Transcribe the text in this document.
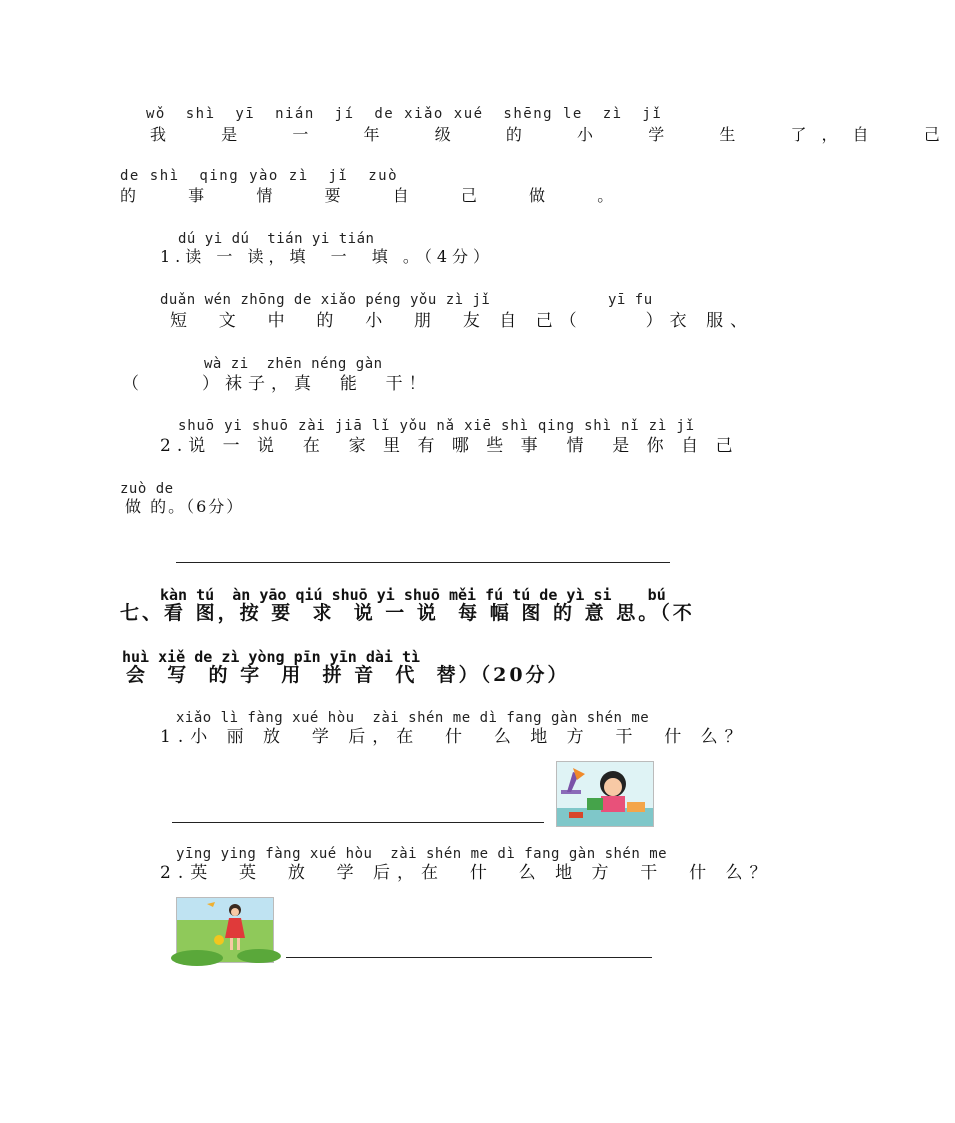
wǒ  shì  yī  nián  jí  de xiǎo xué  shēng le  zì  jǐ
我  是  一  年  级  的  小  学  生  了，自  己
de shì  qing yào zì  jǐ  zuò
的  事  情  要  自  己  做  。
dú yi dú  tián yi tián
1.读 一 读，填  一  填 。（4分）
duǎn wén zhōng de xiǎo péng yǒu zì jǐ	yī fu
短  文  中  的  小  朋  友 自 己（     ）衣 服、
wà zi  zhēn néng gàn
（     ）袜子，真  能  干！
shuō yi shuō zài jiā lǐ yǒu nǎ xiē shì qing shì nǐ zì jǐ
2.说 一 说  在  家 里 有 哪 些 事  情  是 你 自 己
zuò de
做 的。（6分）
kàn tú  àn yāo qiú shuō yi shuō měi fú tú de yì si    bú
七、看 图，按 要  求  说 一 说  每 幅 图 的 意 思。（不
huì xiě de zì yòng pīn yīn dài tì
会  写  的 字  用  拼 音  代  替）（20分）
xiǎo lì fàng xué hòu  zài shén me dì fang gàn shén me
1.小 丽 放  学 后，在  什  么 地 方  干  什 么？
yīng ying fàng xué hòu  zài shén me dì fang gàn shén me
2.英  英  放  学 后，在  什  么 地 方  干  什 么？
